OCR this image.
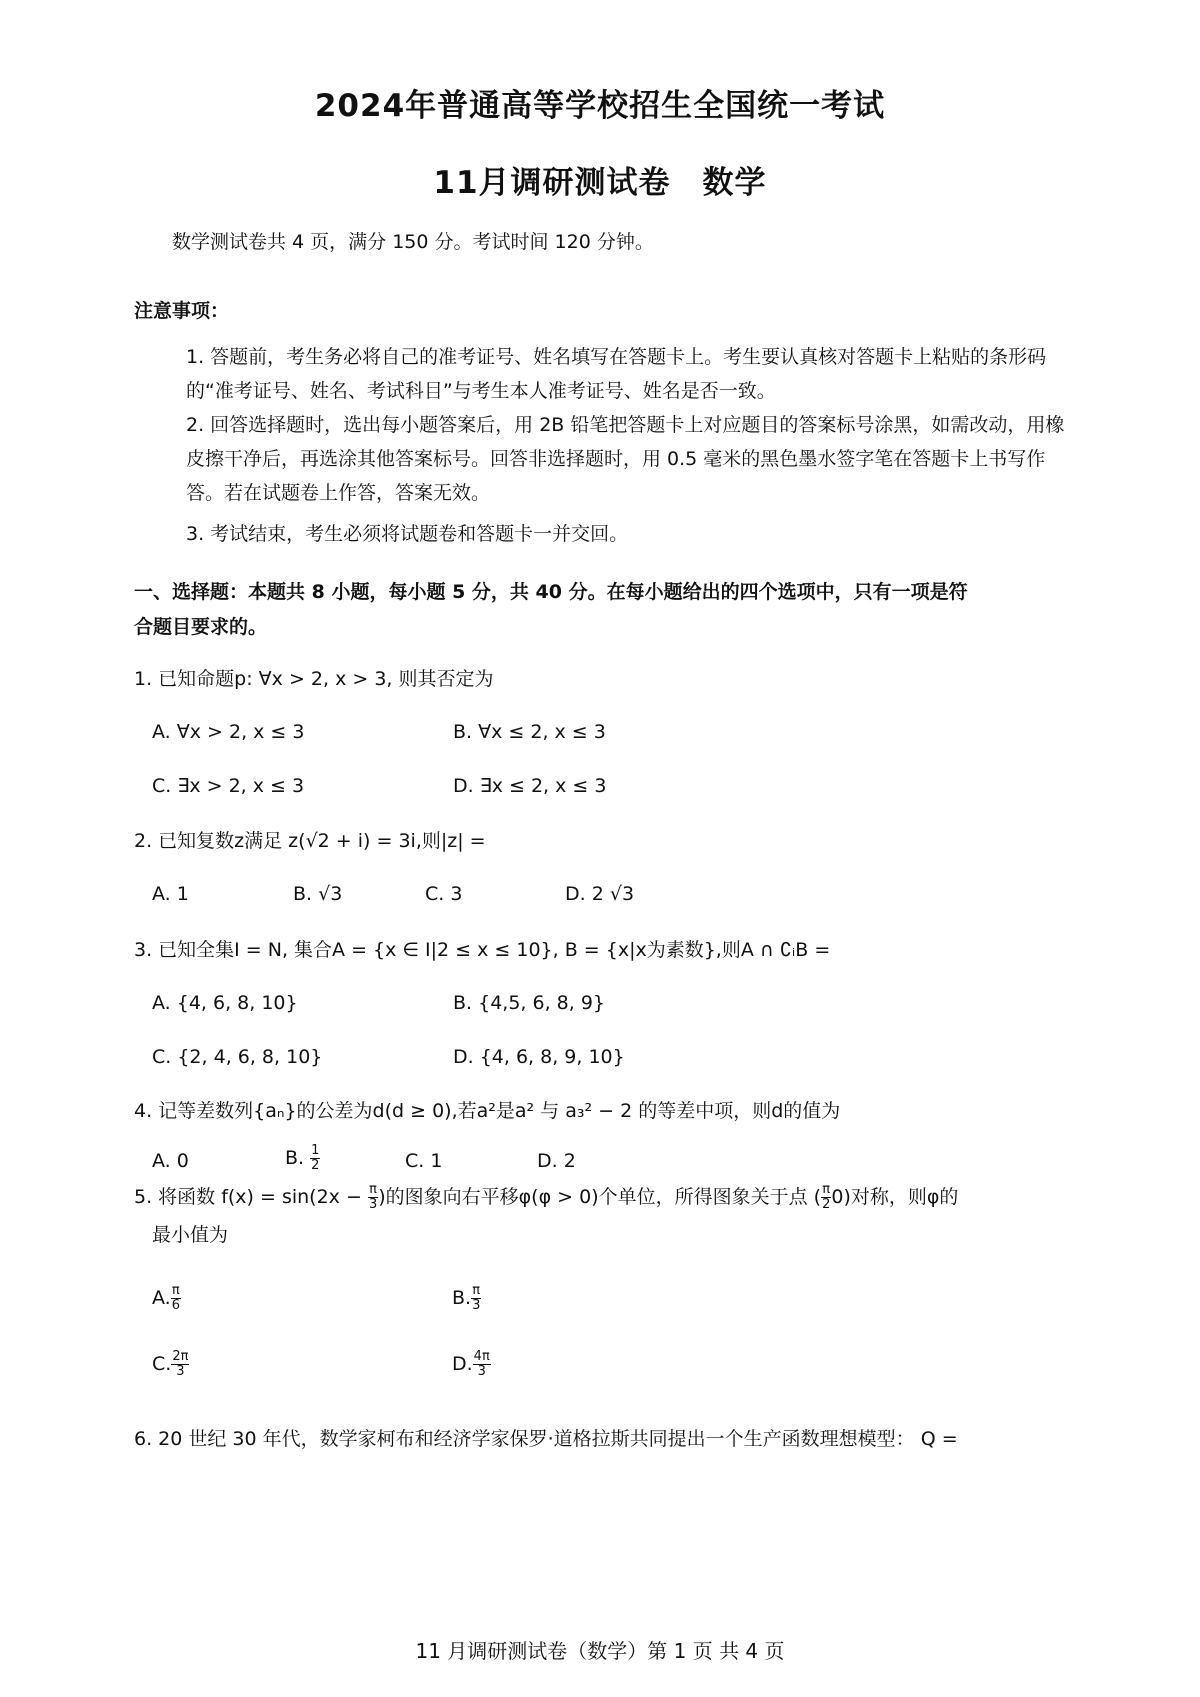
2024年普通高等学校招生全国统一考试
11月调研测试卷　数学
数学测试卷共 4 页，满分 150 分。考试时间 120 分钟。
注意事项：
1. 答题前，考生务必将自己的准考证号、姓名填写在答题卡上。考生要认真核对答题卡上粘贴的条形码的“准考证号、姓名、考试科目”与考生本人准考证号、姓名是否一致。
2. 回答选择题时，选出每小题答案后，用 2B 铅笔把答题卡上对应题目的答案标号涂黑，如需改动，用橡皮擦干净后，再选涂其他答案标号。回答非选择题时，用 0.5 毫米的黑色墨水签字笔在答题卡上书写作答。若在试题卷上作答，答案无效。
3. 考试结束，考生必须将试题卷和答题卡一并交回。
一、选择题：本题共 8 小题，每小题 5 分，共 40 分。在每小题给出的四个选项中，只有一项是符
合题目要求的。
1. 已知命题p: ∀x > 2, x > 3, 则其否定为
A. ∀x > 2, x ≤ 3	B. ∀x ≤ 2, x ≤ 3
C. ∃x > 2, x ≤ 3	D. ∃x ≤ 2, x ≤ 3
2. 已知复数z满足 z(√2 + i) = 3i,则|z| =
A. 1	B. √3	C. 3	D. 2 √3
3. 已知全集I = N, 集合A = {x ∈ I|2 ≤ x ≤ 10}, B = {x|x为素数},则A ∩ ∁ᵢB =
A. {4, 6, 8, 10}	B. {4,5, 6, 8, 9}
C. {2, 4, 6, 8, 10}	D. {4, 6, 8, 9, 10}
4. 记等差数列{aₙ}的公差为d(d ≥ 0),若a²是a² 与 a₃² − 2 的等差中项，则d的值为
A. 0	B. $\frac{1}{2}$	C. 1	D. 2
5. 将函数 $f(x) = \sin(2x - \frac{\pi}{3}$ )的图象向右平移φ(φ > 0)个单位，所得图象关于点 ( $\frac{\pi}{2} 0$)对称，则φ的
最小值为
A. $\frac{\pi}{6}$	B. $\frac{\pi}{3}$
C. $\frac{2\pi}{3}$	D. $\frac{4\pi}{3}$
6. 20 世纪 30 年代，数学家柯布和经济学家保罗·道格拉斯共同提出一个生产函数理想模型： Q =
11 月调研测试卷（数学）第 1 页 共 4 页
